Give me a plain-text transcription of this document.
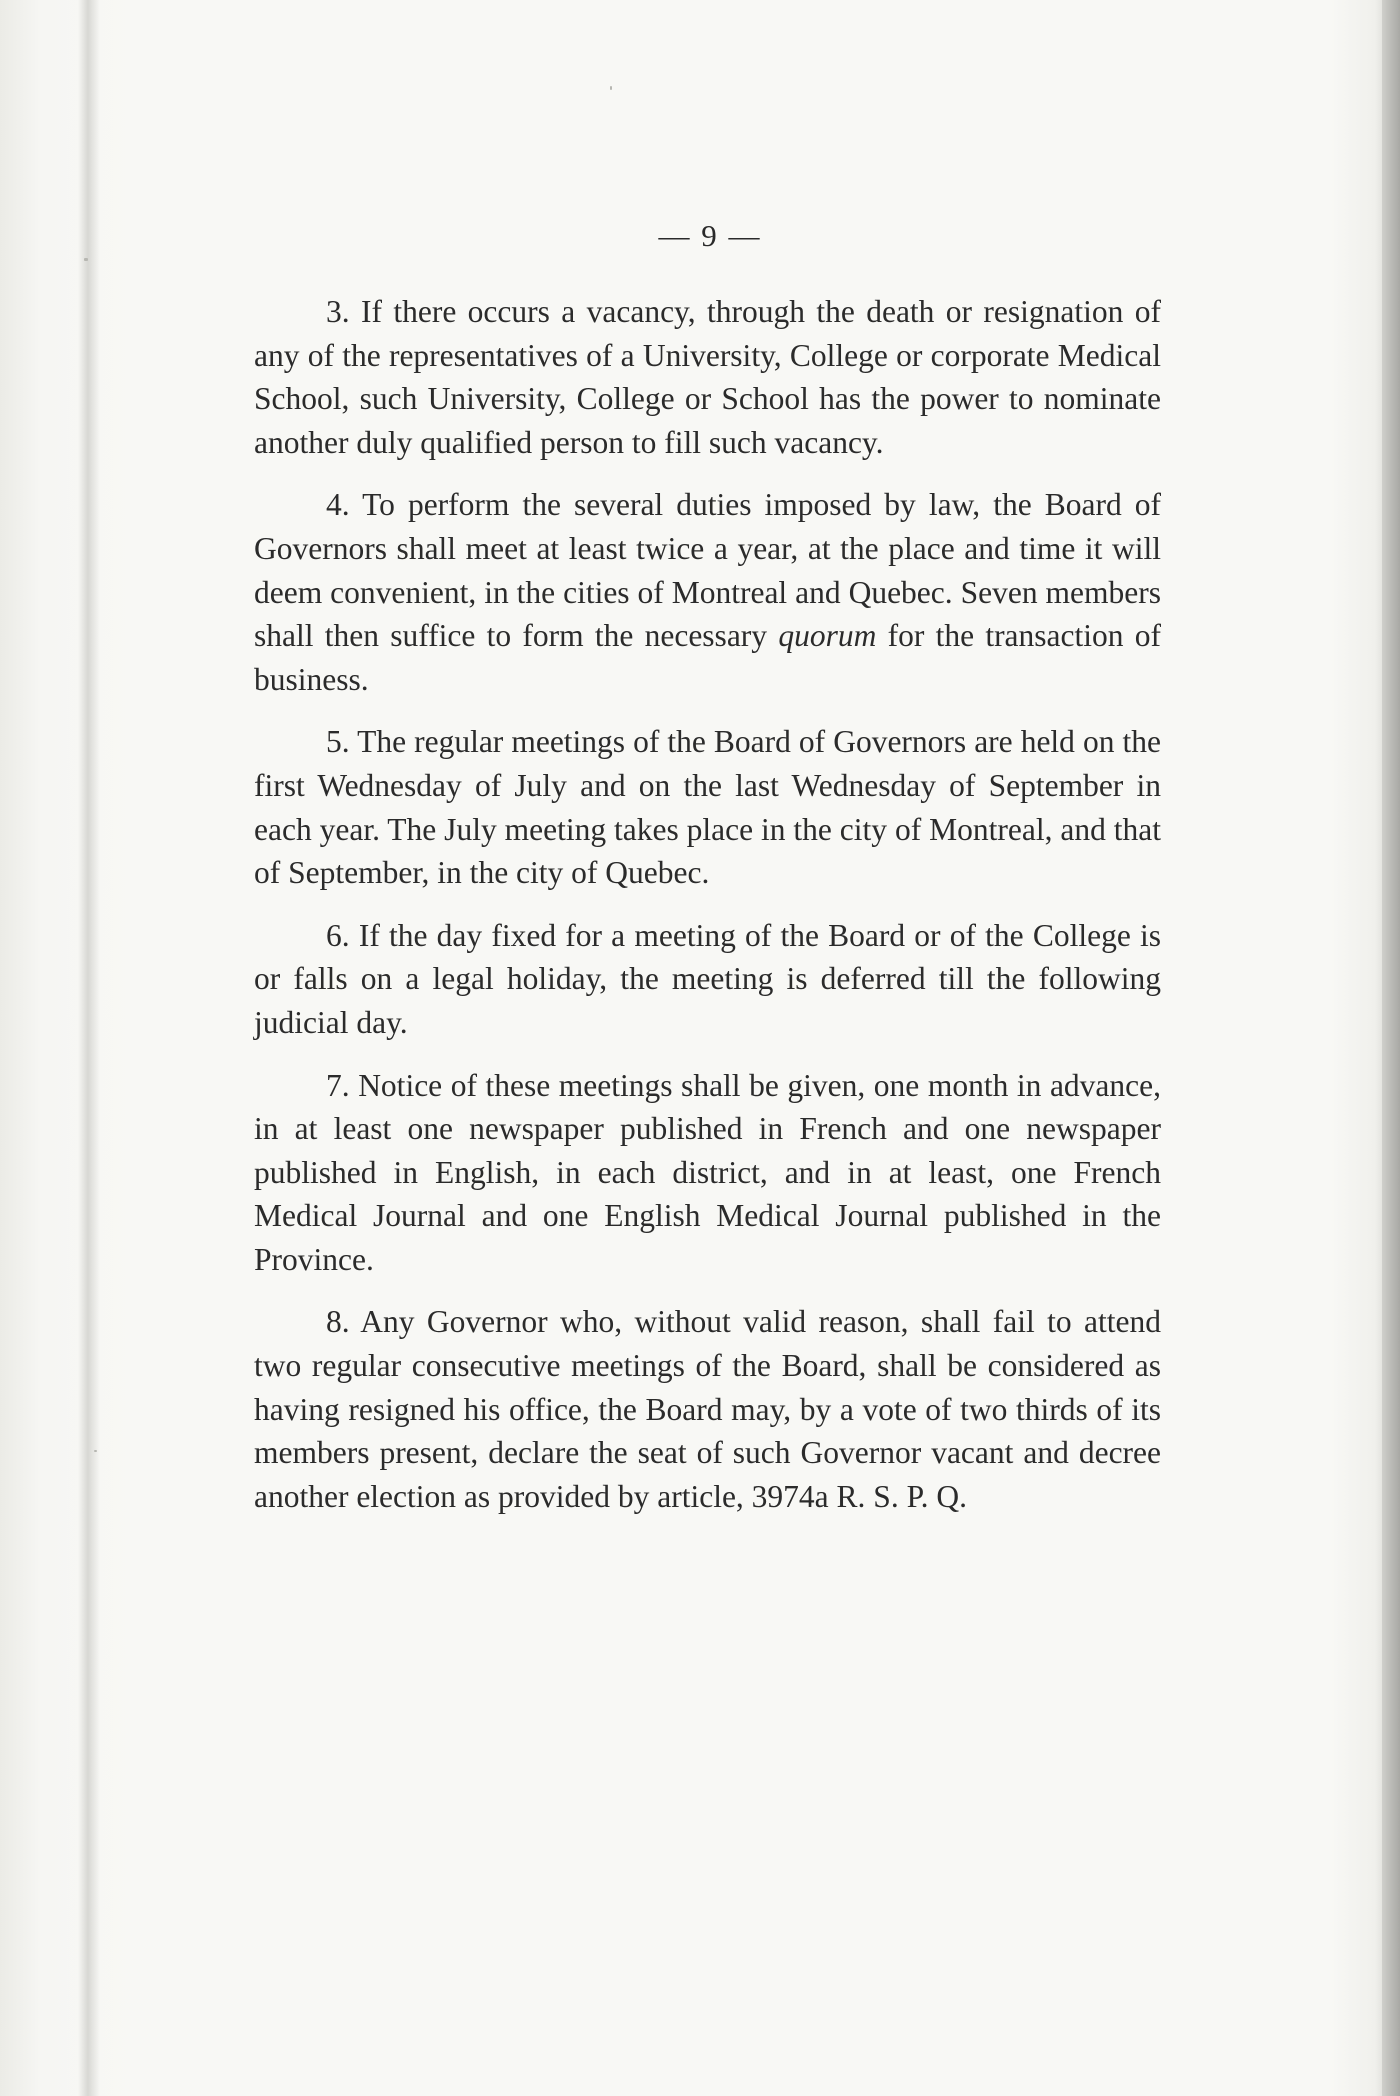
— 9 —

3. If there occurs a vacancy, through the death or resignation of any of the representatives of a University, College or corporate Medical School, such University, College or School has the power to nominate another duly qualified person to fill such vacancy.

4. To perform the several duties imposed by law, the Board of Governors shall meet at least twice a year, at the place and time it will deem convenient, in the cities of Montreal and Quebec. Seven members shall then suffice to form the necessary quorum for the transaction of business.

5. The regular meetings of the Board of Governors are held on the first Wednesday of July and on the last Wednesday of September in each year. The July meeting takes place in the city of Montreal, and that of September, in the city of Quebec.

6. If the day fixed for a meeting of the Board or of the College is or falls on a legal holiday, the meeting is deferred till the following judicial day.

7. Notice of these meetings shall be given, one month in advance, in at least one newspaper published in French and one newspaper published in English, in each district, and in at least, one French Medical Journal and one English Medical Journal published in the Province.

8. Any Governor who, without valid reason, shall fail to attend two regular consecutive meetings of the Board, shall be considered as having resigned his office, the Board may, by a vote of two thirds of its members present, declare the seat of such Governor vacant and decree another election as provided by article, 3974a R. S. P. Q.
